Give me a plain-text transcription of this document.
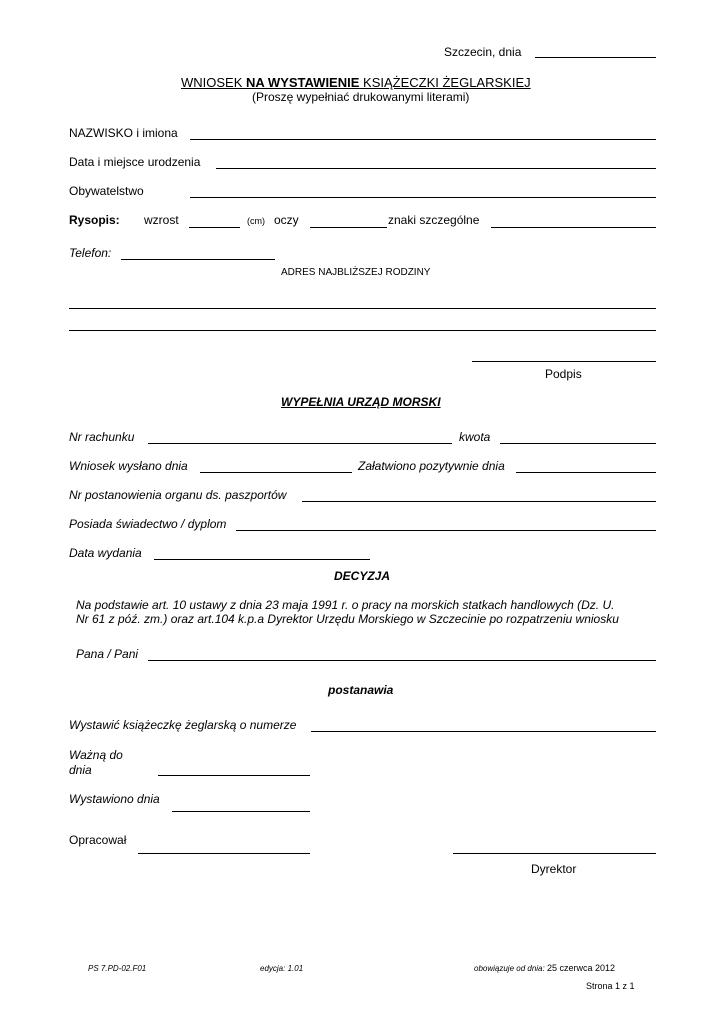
Szczecin, dnia
WNIOSEK NA WYSTAWIENIE KSIĄŻECZKI ŻEGLARSKIEJ
(Proszę wypełniać drukowanymi literami)
NAZWISKO i imiona
Data i miejsce urodzenia
Obywatelstwo
Rysopis: wzrost	(cm) oczy	znaki szczególne
Telefon:
ADRES NAJBLIŻSZEJ RODZINY
Podpis
WYPEŁNIA URZĄD MORSKI
Nr rachunku	kwota
Wniosek wysłano dnia	Załatwiono pozytywnie dnia
Nr postanowienia organu ds. paszportów
Posiada świadectwo / dyplom
Data wydania
DECYZJA
Na podstawie art. 10 ustawy z dnia 23 maja 1991 r. o pracy na morskich statkach handlowych (Dz. U.
Nr 61 z póź. zm.) oraz art.104 k.p.a Dyrektor Urzędu Morskiego w Szczecinie po rozpatrzeniu wniosku
Pana / Pani
postanawia
Wystawić książeczkę żeglarską o numerze
Ważną do
dnia
Wystawiono dnia
Opracował
Dyrektor
PS 7.PD-02.F01	edycja: 1.01	obowiązuje od dnia: 25 czerwca 2012
Strona 1 z 1
